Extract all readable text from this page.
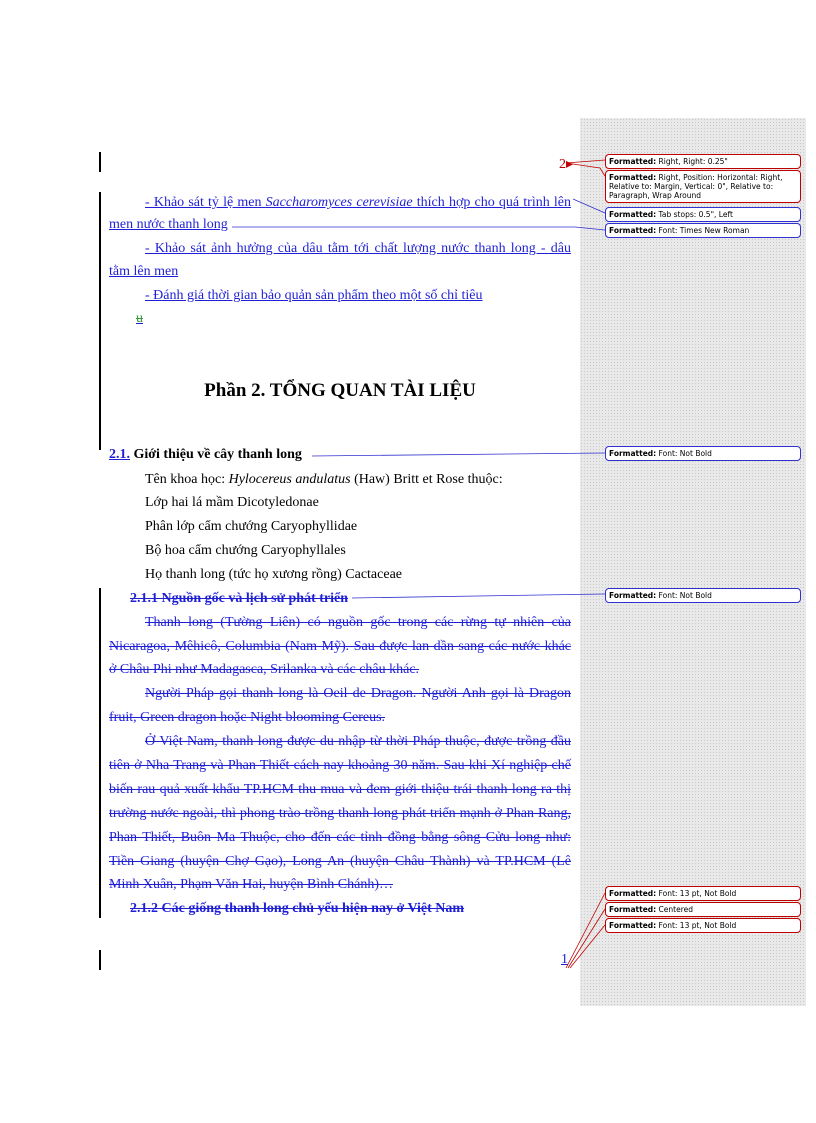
2▸
- Khảo sát tỷ lệ men Saccharomyces cerevisiae thích hợp cho quá trình lên
men nước thanh long
- Khảo sát ảnh hưởng của dâu tằm tới chất lượng nước thanh long - dâu
tằm lên men
- Đánh giá thời gian bảo quản sản phẩm theo một số chỉ tiêu
u
Phần 2. TỔNG QUAN TÀI LIỆU
2.1. Giới thiệu về cây thanh long
Tên khoa học: Hylocereus andulatus (Haw) Britt et Rose thuộc:
Lớp hai lá mầm Dicotyledonae
Phân lớp cẩm chướng Caryophyllidae
Bộ hoa cẩm chướng Caryophyllales
Họ thanh long (tức họ xương rồng) Cactaceae
2.1.1 Nguồn gốc và lịch sử phát triển
Thanh long (Tường Liên) có nguồn gốc trong các rừng tự nhiên của
Nicaragoa, Mêhicô, Columbia (Nam Mỹ). Sau được lan dần sang các nước khác
ở Châu Phi như Madagasca, Srilanka và các châu khác.
Người Pháp gọi thanh long là Oeil de Dragon. Người Anh gọi là Dragon
fruit, Green dragon hoặc Night blooming Cereus.
Ở Việt Nam, thanh long được du nhập từ thời Pháp thuộc, được trồng đầu
tiên ở Nha Trang và Phan Thiết cách nay khoảng 30 năm. Sau khi Xí nghiệp chế
biến rau quả xuất khẩu TP.HCM thu mua và đem giới thiệu trái thanh long ra thị
trường nước ngoài, thì phong trào trồng thanh long phát triển mạnh ở Phan Rang,
Phan Thiết, Buôn Ma Thuộc, cho đến các tỉnh đồng bằng sông Cửu long như:
Tiền Giang (huyện Chợ Gạo), Long An (huyện Châu Thành) và TP.HCM (Lê
Minh Xuân, Phạm Văn Hai, huyện Bình Chánh)…
2.1.2 Các giống thanh long chủ yếu hiện nay ở Việt Nam
1
Formatted: Right, Right: 0.25"
Formatted: Right, Position: Horizontal: Right, Relative to: Margin, Vertical: 0", Relative to: Paragraph, Wrap Around
Formatted: Tab stops: 0.5", Left
Formatted: Font: Times New Roman
Formatted: Font: Not Bold
Formatted: Font: Not Bold
Formatted: Font: 13 pt, Not Bold
Formatted: Centered
Formatted: Font: 13 pt, Not Bold
